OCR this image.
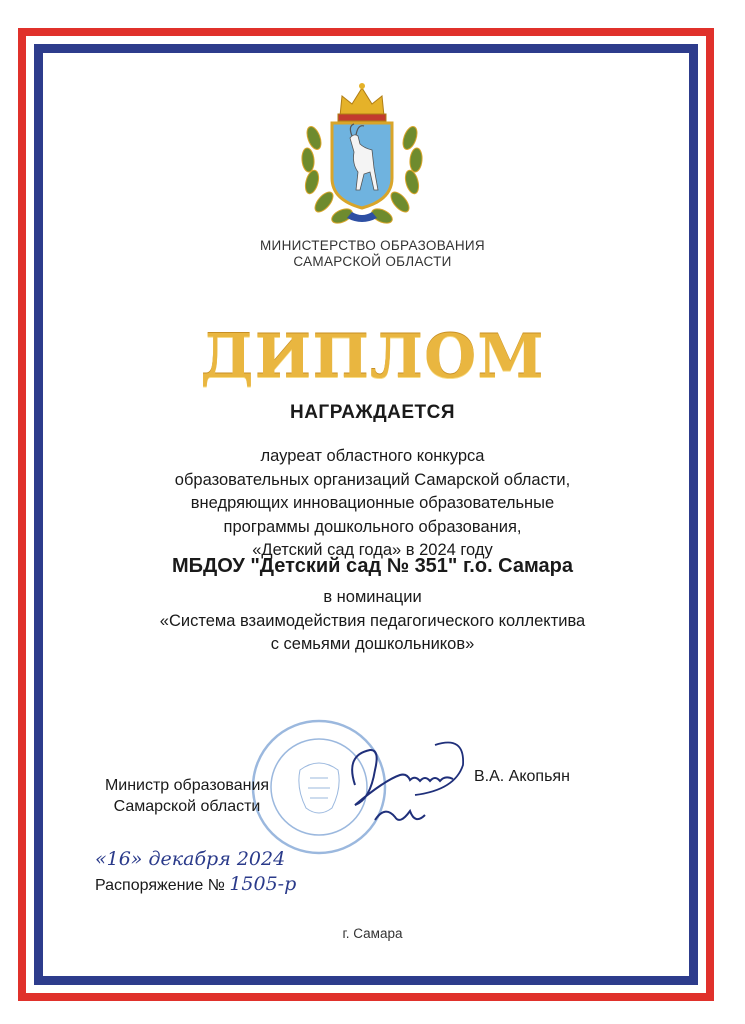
МИНИСТЕРСТВО ОБРАЗОВАНИЯ
САМАРСКОЙ ОБЛАСТИ
ДИПЛОМ
НАГРАЖДАЕТСЯ
лауреат областного конкурса
образовательных организаций Самарской области,
внедряющих инновационные образовательные
программы дошкольного образования,
«Детский сад года» в 2024 году
МБДОУ "Детский сад № 351" г.о. Самара
в номинации
«Система взаимодействия педагогического коллектива
с семьями дошкольников»
Министр образования
Самарской области
В.А. Акопьян
«16» декабря 2024
Распоряжение № 1505-р
г. Самара
